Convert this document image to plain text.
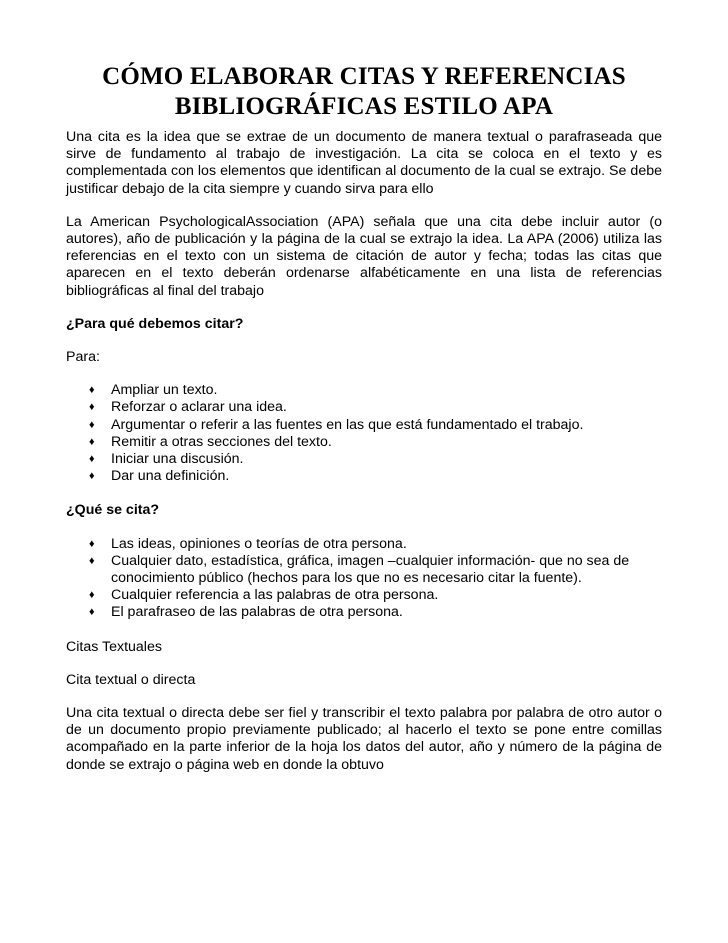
CÓMO ELABORAR CITAS Y REFERENCIAS
BIBLIOGRÁFICAS ESTILO APA

Una cita es la idea que se extrae de un documento de manera textual o parafraseada que sirve de fundamento al trabajo de investigación. La cita se coloca en el texto y es complementada con los elementos que identifican al documento de la cual se extrajo. Se debe justificar debajo de la cita siempre y cuando sirva para ello

La American PsychologicalAssociation (APA) señala que una cita debe incluir autor (o autores), año de publicación y la página de la cual se extrajo la idea. La APA (2006) utiliza las referencias en el texto con un sistema de citación de autor y fecha; todas las citas que aparecen en el texto deberán ordenarse alfabéticamente en una lista de referencias bibliográficas al final del trabajo

¿Para qué debemos citar?

Para:

♦ Ampliar un texto.
♦ Reforzar o aclarar una idea.
♦ Argumentar o referir a las fuentes en las que está fundamentado el trabajo.
♦ Remitir a otras secciones del texto.
♦ Iniciar una discusión.
♦ Dar una definición.
¿Qué se cita?
♦ Las ideas, opiniones o teorías de otra persona.
♦ Cualquier dato, estadística, gráfica, imagen –cualquier información- que no sea de conocimiento público (hechos para los que no es necesario citar la fuente).
♦ Cualquier referencia a las palabras de otra persona.
♦ El parafraseo de las palabras de otra persona.

Citas Textuales

Cita textual o directa

Una cita textual o directa debe ser fiel y transcribir el texto palabra por palabra de otro autor o de un documento propio previamente publicado; al hacerlo el texto se pone entre comillas acompañado en la parte inferior de la hoja los datos del autor, año y número de la página de donde se extrajo o página web en donde la obtuvo
